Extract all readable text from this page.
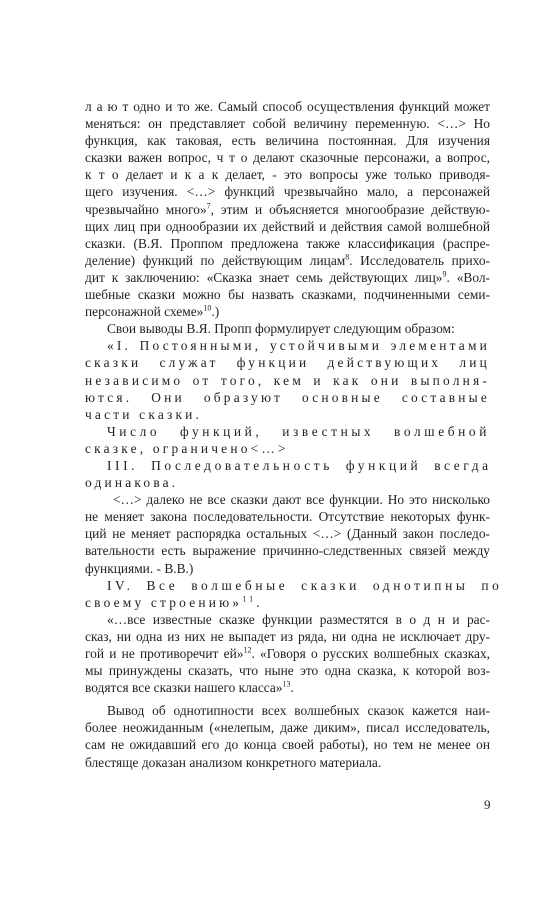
л а ю т одно и то же. Самый способ осуществления функций может
меняться: он представляет собой величину переменную. <…> Но
функция, как таковая, есть величина постоянная. Для изучения
сказки важен вопрос, ч т о делают сказочные персонажи, а вопрос,
к т о делает и к а к делает, - это вопросы уже только приводя-
щего изучения. <…> функций чрезвычайно мало, а персонажей
чрезвычайно много»$^7$, этим и объясняется многообразие действую-
щих лиц при однообразии их действий и действия самой волшебной
сказки. (В.Я. Проппом предложена также классификация (распре-
деление) функций по действующим лицам$^8$. Исследователь прихо-
дит к заключению: «Сказка знает семь действующих лиц»$^9$. «Вол-
шебные сказки можно бы назвать сказками, подчиненными семи-
персонажной схеме»$^{10}$.)
Свои выводы В.Я. Пропп формулирует следующим образом:
«I. Постоянными, устойчивыми элементами
сказки служат функции действующих лиц
независимо от того, кем и как они выполня-
ются. Они образуют основные составные
части сказки.
Число функций, известных волшебной
сказке, ограничено<…>
III. Последовательность функций всегда
одинакова.
<…> далеко не все сказки дают все функции. Но это нисколько
не меняет закона последовательности. Отсутствие некоторых функ-
ций не меняет распорядка остальных <…> (Данный закон последо-
вательности есть выражение причинно-следственных связей между
функциями. - В.В.)
IV. Все волшебные сказки однотипны по
своему строению»$^{11}$.
«…все известные сказке функции разместятся в о д н и рас-
сказ, ни одна из них не выпадет из ряда, ни одна не исключает дру-
гой и не противоречит ей»$^{12}$. «Говоря о русских волшебных сказках,
мы принуждены сказать, что ныне это одна сказка, к которой воз-
водятся все сказки нашего класса»$^{13}$.
Вывод об однотипности всех волшебных сказок кажется наи-
более неожиданным («нелепым, даже диким», писал исследователь,
сам не ожидавший его до конца своей работы), но тем не менее он
блестяще доказан анализом конкретного материала.
9
